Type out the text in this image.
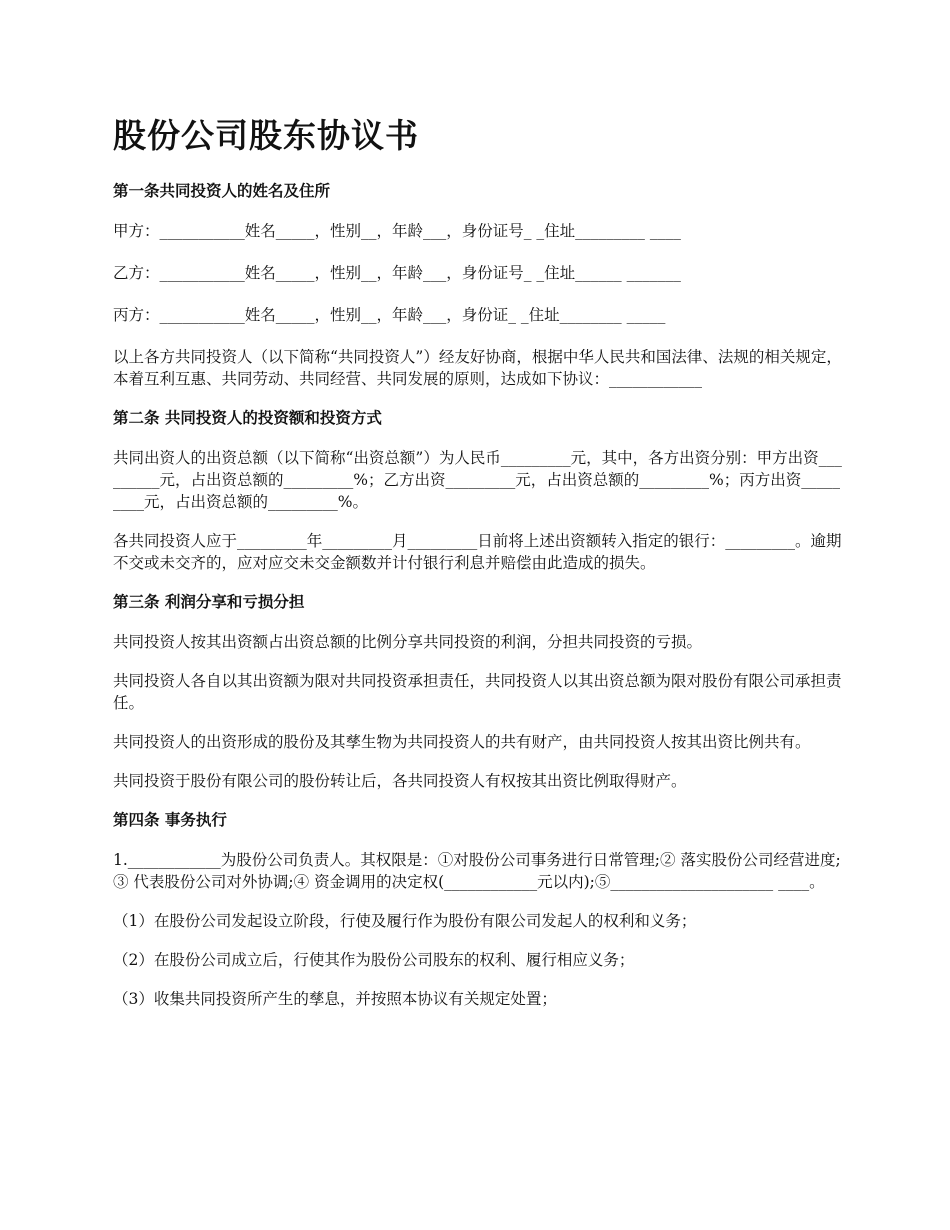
股份公司股东协议书
第一条共同投资人的姓名及住所

甲方：___________姓名_____，性别__，年龄___，身份证号_ _住址_________ ____

乙方：___________姓名_____，性别__，年龄___，身份证号_ _住址______ _______

丙方：___________姓名_____，性别__，年龄___，身份证_ _住址________ _____

以上各方共同投资人（以下简称“共同投资人”）经友好协商，根据中华人民共和国法律、法规的相关规定，本着互利互惠、共同劳动、共同经营、共同发展的原则，达成如下协议：____________

第二条 共同投资人的投资额和投资方式

共同出资人的出资总额（以下简称“出资总额”）为人民币_________元，其中，各方出资分别：甲方出资_________元，占出资总额的_________%；乙方出资_________元，占出资总额的_________%；丙方出资_________元，占出资总额的_________%。

各共同投资人应于_________年_________月_________日前将上述出资额转入指定的银行：_________。逾期不交或未交齐的，应对应交未交金额数并计付银行利息并赔偿由此造成的损失。

第三条 利润分享和亏损分担

共同投资人按其出资额占出资总额的比例分享共同投资的利润，分担共同投资的亏损。

共同投资人各自以其出资额为限对共同投资承担责任，共同投资人以其出资总额为限对股份有限公司承担责任。

共同投资人的出资形成的股份及其孳生物为共同投资人的共有财产，由共同投资人按其出资比例共有。

共同投资于股份有限公司的股份转让后，各共同投资人有权按其出资比例取得财产。

第四条 事务执行

1.____________为股份公司负责人。其权限是：①对股份公司事务进行日常管理;② 落实股份公司经营进度;③ 代表股份公司对外协调;④ 资金调用的决定权(____________元以内);⑤_____________________ ____。

（1）在股份公司发起设立阶段，行使及履行作为股份有限公司发起人的权利和义务；

（2）在股份公司成立后，行使其作为股份公司股东的权利、履行相应义务；

（3）收集共同投资所产生的孳息，并按照本协议有关规定处置；
